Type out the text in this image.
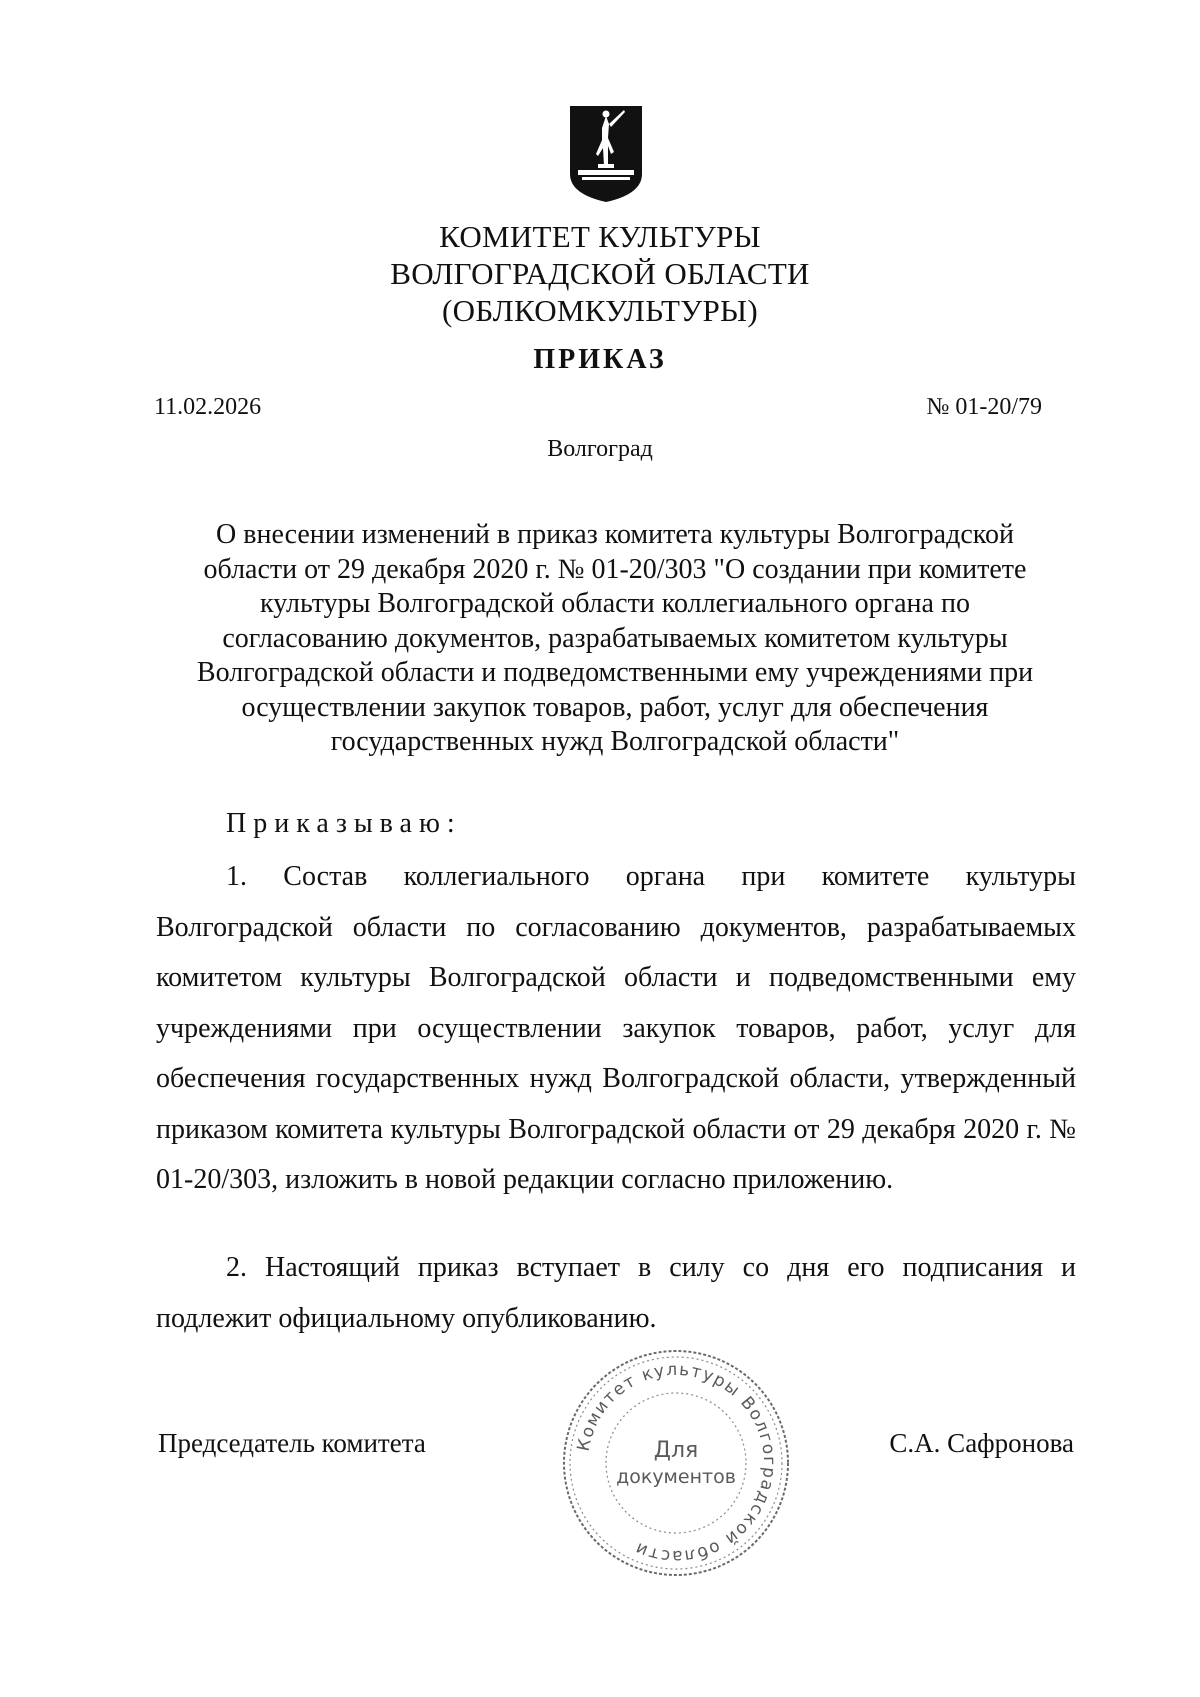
КОМИТЕТ КУЛЬТУРЫ
ВОЛГОГРАДСКОЙ ОБЛАСТИ
(ОБЛКОМКУЛЬТУРЫ)
ПРИКАЗ
11.02.2026	№ 01-20/79
Волгоград
О внесении изменений в приказ комитета культуры Волгоградской области от 29 декабря 2020 г. № 01-20/303 "О создании при комитете культуры Волгоградской области коллегиального органа по согласованию документов, разрабатываемых комитетом культуры Волгоградской области и подведомственными ему учреждениями при осуществлении закупок товаров, работ, услуг для обеспечения государственных нужд Волгоградской области"
Приказываю:
1. Состав коллегиального органа при комитете культуры Волгоградской области по согласованию документов, разрабатываемых комитетом культуры Волгоградской области и подведомственными ему учреждениями при осуществлении закупок товаров, работ, услуг для обеспечения государственных нужд Волгоградской области, утвержденный приказом комитета культуры Волгоградской области от 29 декабря 2020 г. № 01-20/303, изложить в новой редакции согласно приложению.
2. Настоящий приказ вступает в силу со дня его подписания и подлежит официальному опубликованию.
Председатель комитета	С.А. Сафронова
Комитет культуры Волгоградской области
Для
документов
